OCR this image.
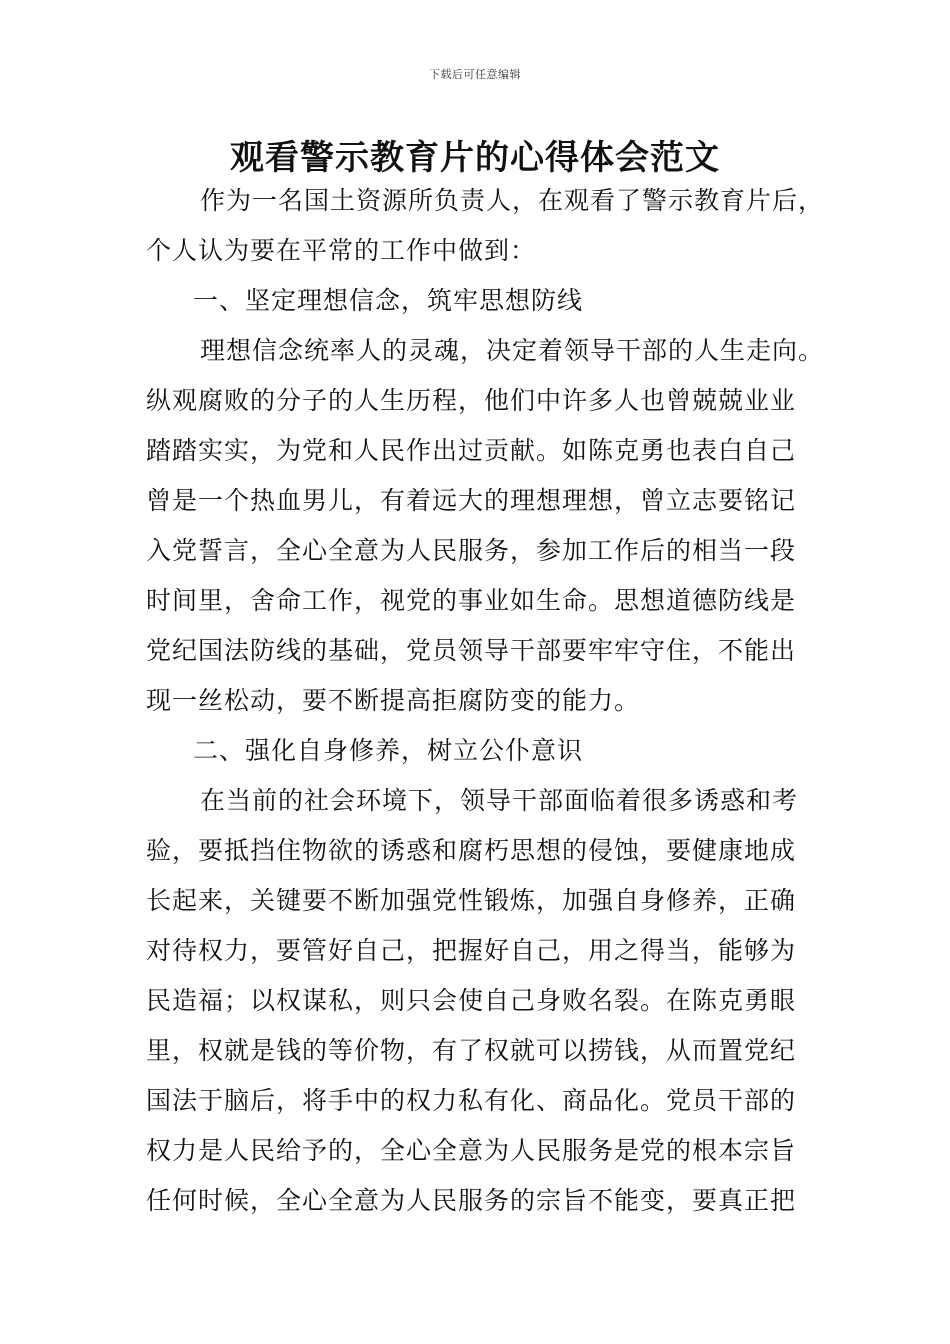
下载后可任意编辑
观看警示教育片的心得体会范文
作为一名国土资源所负责人，在观看了警示教育片后，
个人认为要在平常的工作中做到：
一、坚定理想信念，筑牢思想防线
理想信念统率人的灵魂，决定着领导干部的人生走向。
纵观腐败的分子的人生历程，他们中许多人也曾兢兢业业
踏踏实实，为党和人民作出过贡献。如陈克勇也表白自己
曾是一个热血男儿，有着远大的理想理想，曾立志要铭记
入党誓言，全心全意为人民服务，参加工作后的相当一段
时间里，舍命工作，视党的事业如生命。思想道德防线是
党纪国法防线的基础，党员领导干部要牢牢守住，不能出
现一丝松动，要不断提高拒腐防变的能力。
二、强化自身修养，树立公仆意识
在当前的社会环境下，领导干部面临着很多诱惑和考
验，要抵挡住物欲的诱惑和腐朽思想的侵蚀，要健康地成
长起来，关键要不断加强党性锻炼，加强自身修养，正确
对待权力，要管好自己，把握好自己，用之得当，能够为
民造福；以权谋私，则只会使自己身败名裂。在陈克勇眼
里，权就是钱的等价物，有了权就可以捞钱，从而置党纪
国法于脑后，将手中的权力私有化、商品化。党员干部的
权力是人民给予的，全心全意为人民服务是党的根本宗旨
任何时候，全心全意为人民服务的宗旨不能变，要真正把
